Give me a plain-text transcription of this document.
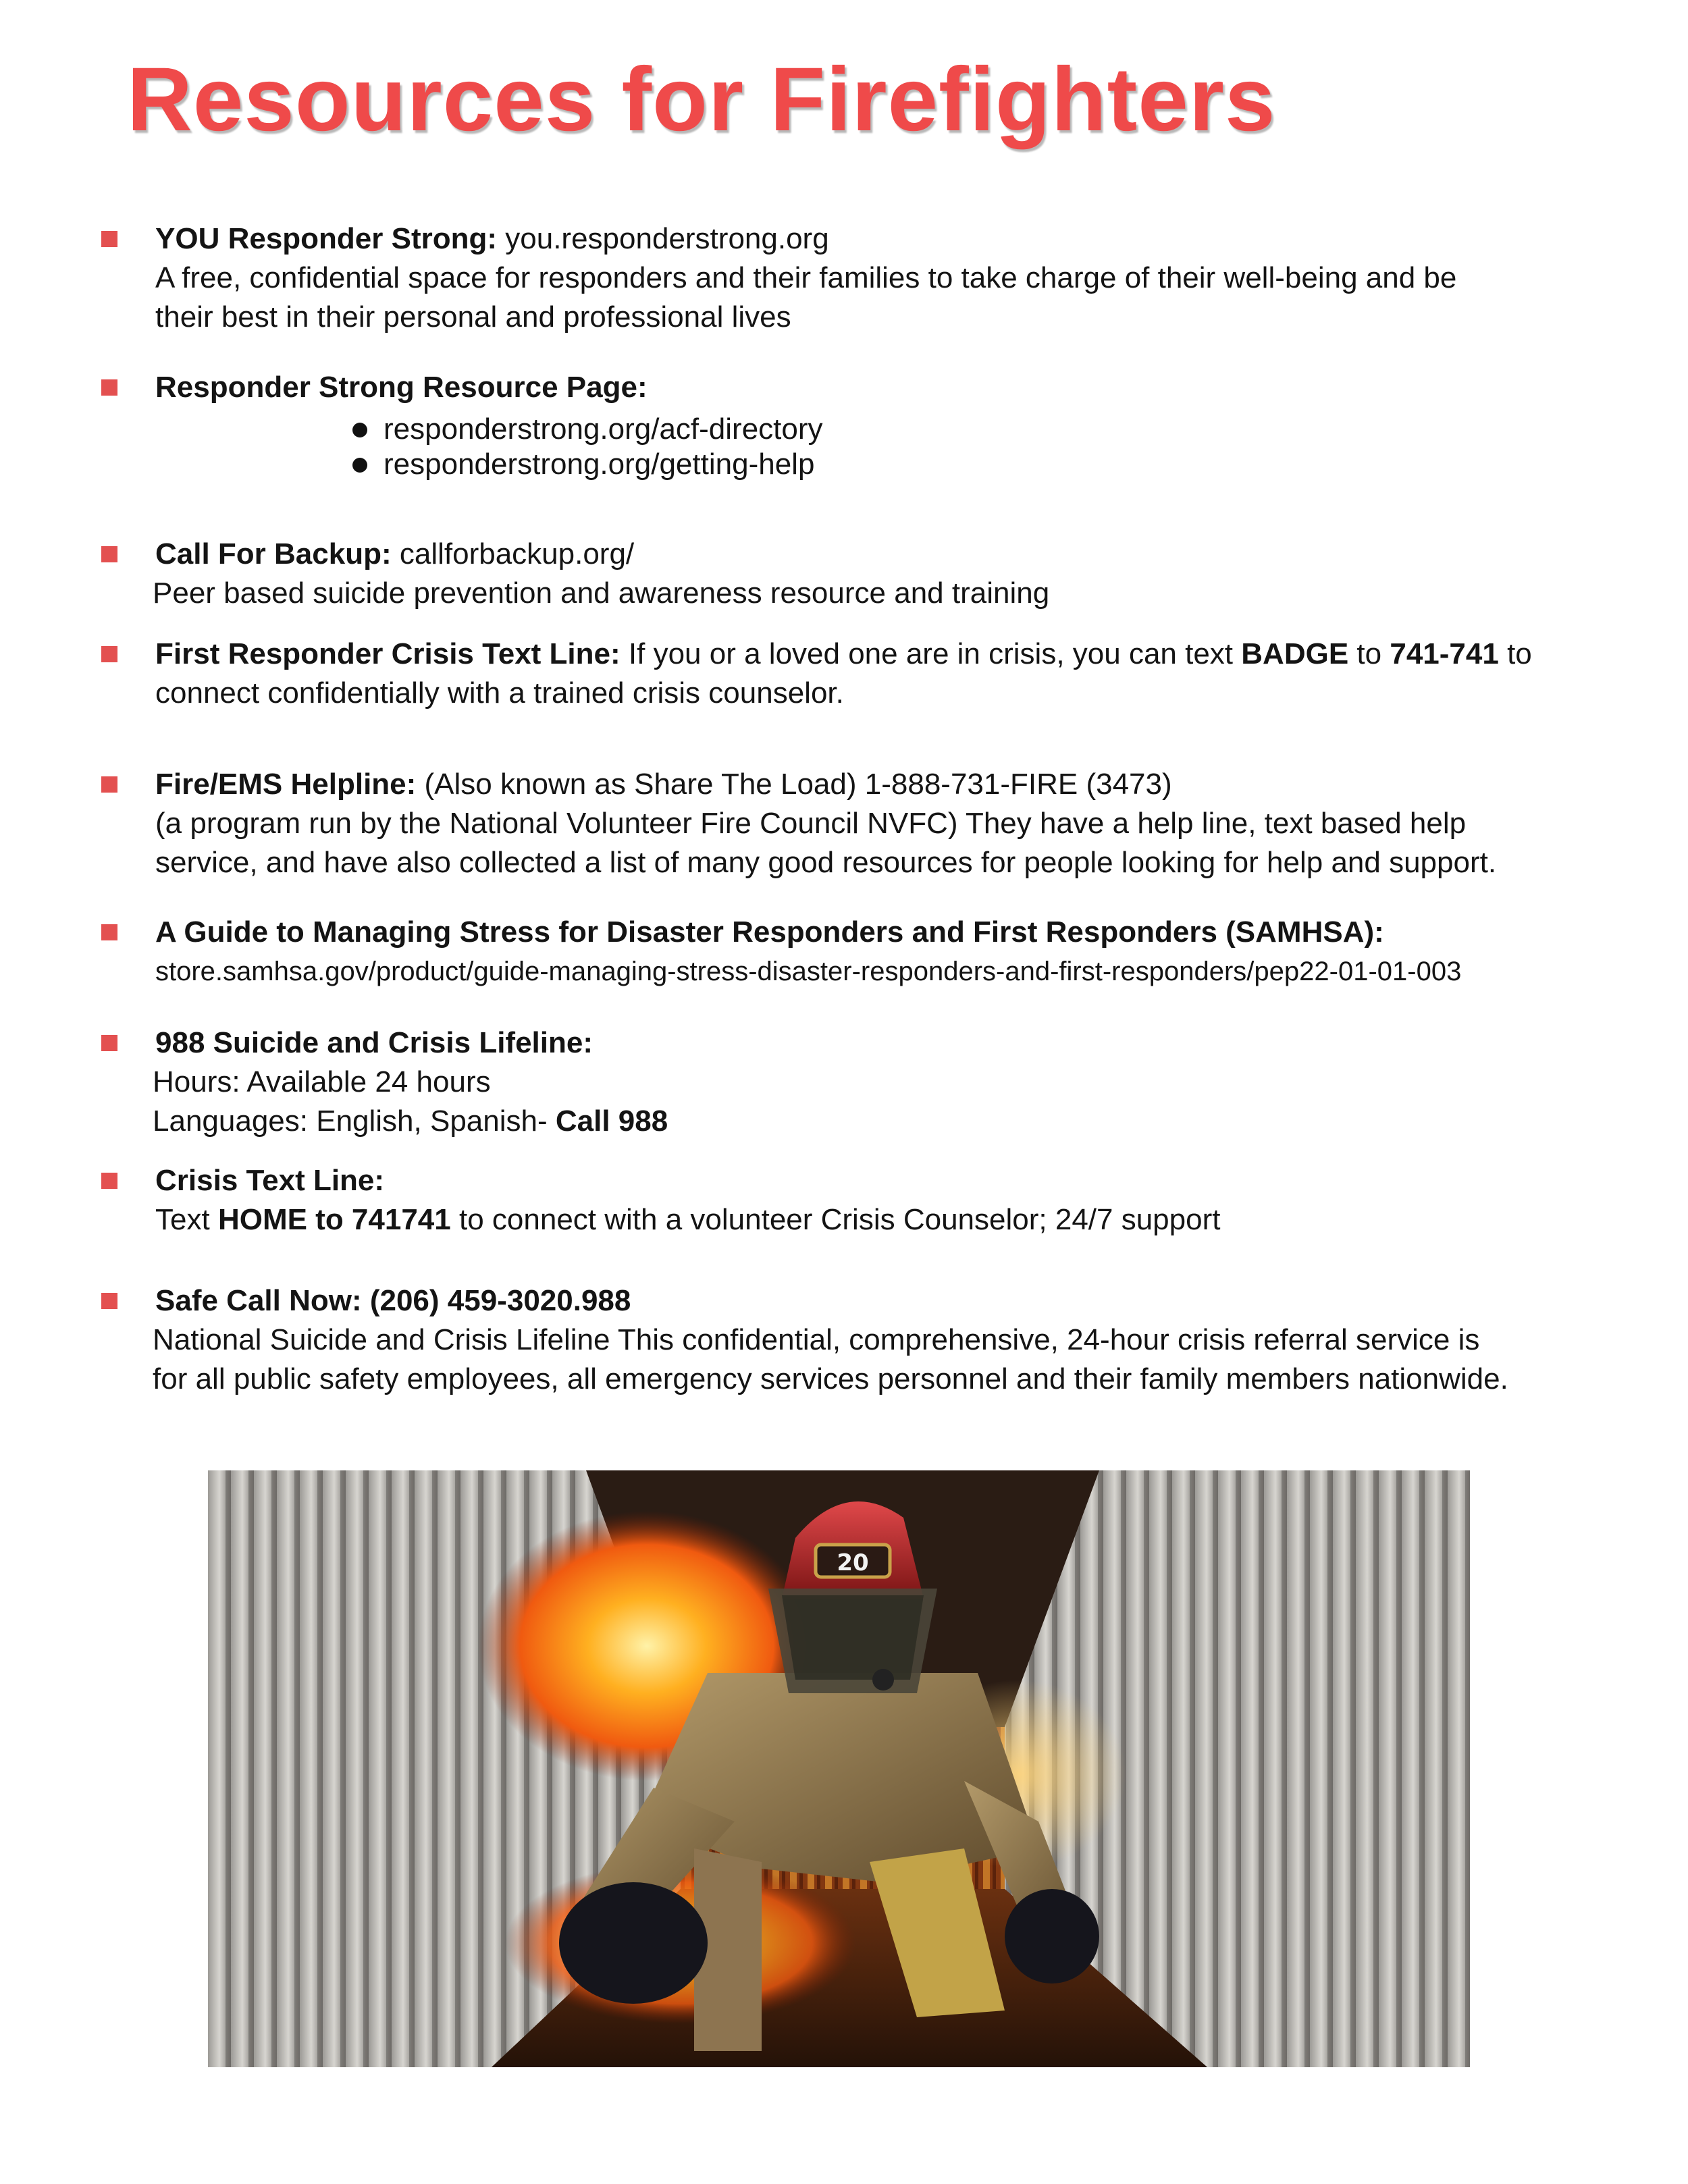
Resources for Firefighters
YOU Responder Strong: you.responderstrong.org
A free, confidential space for responders and their families to take charge of their well-being and be
their best in their personal and professional lives
Responder Strong Resource Page:
responderstrong.org/acf-directory
responderstrong.org/getting-help
Call For Backup: callforbackup.org/
Peer based suicide prevention and awareness resource and training
First Responder Crisis Text Line: If you or a loved one are in crisis, you can text BADGE to 741-741 to
connect confidentially with a trained crisis counselor.
Fire/EMS Helpline: (Also known as Share The Load) 1-888-731-FIRE (3473)
(a program run by the National Volunteer Fire Council NVFC) They have a help line, text based help
service, and have also collected a list of many good resources for people looking for help and support.
A Guide to Managing Stress for Disaster Responders and First Responders (SAMHSA):
store.samhsa.gov/product/guide-managing-stress-disaster-responders-and-first-responders/pep22-01-01-003
988 Suicide and Crisis Lifeline:
Hours: Available 24 hours
Languages: English, Spanish- Call 988
Crisis Text Line:
Text HOME to 741741 to connect with a volunteer Crisis Counselor; 24/7 support
Safe Call Now: (206) 459-3020.988
National Suicide and Crisis Lifeline This confidential, comprehensive, 24-hour crisis referral service is
for all public safety employees, all emergency services personnel and their family members nationwide.
20
